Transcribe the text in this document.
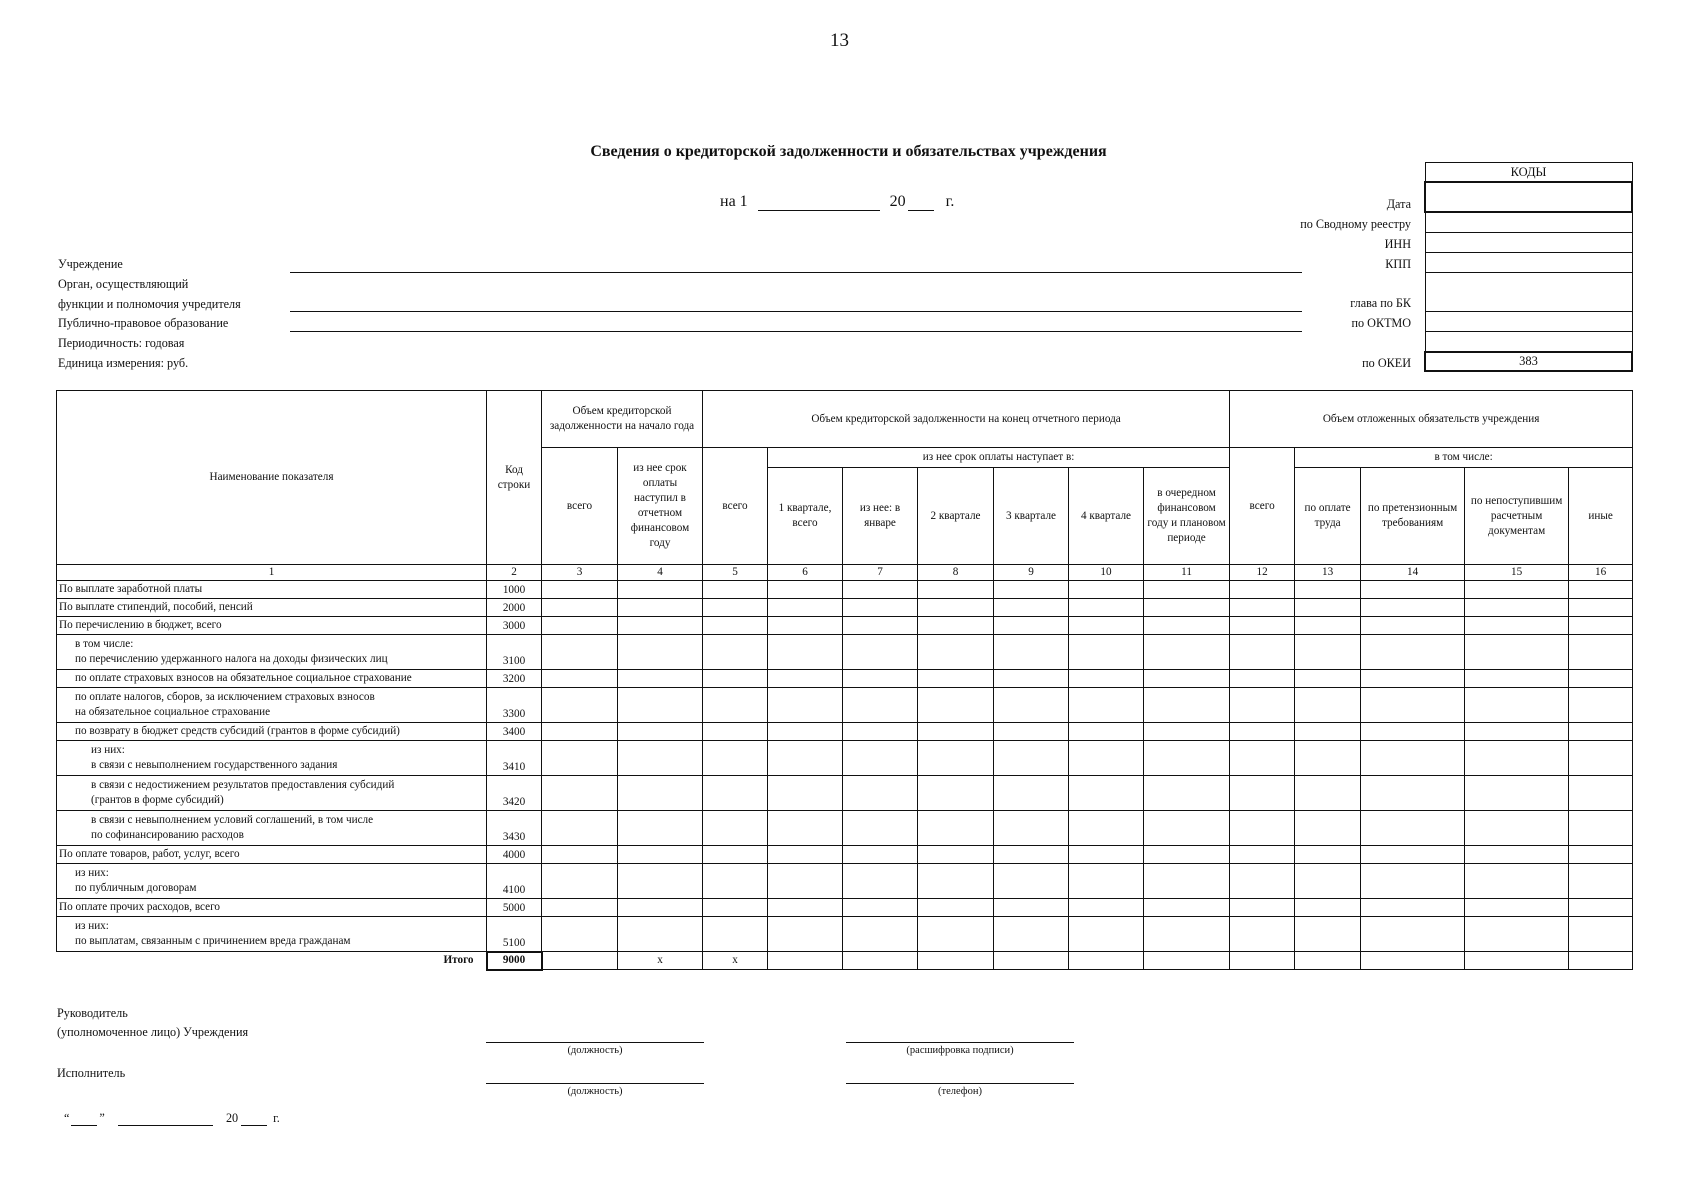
13
Сведения о кредиторской задолженности и обязательствах учреждения
на 1	20	г.
Учреждение
Орган, осуществляющий
функции и полномочия учредителя
Публично-правовое образование
Периодичность: годовая
Единица измерения: руб.
Дата
по Сводному реестру
ИНН
КПП
глава по БК
по ОКТМО
по ОКЕИ
КОДЫ

383
Наименование показателя	Код строки	Объем кредиторской задолженности на начало года		Объем кредиторской задолженности на конец отчетного периода							Объем отложенных обязательств учреждения				
		всего	из нее срок оплаты наступил в отчетном финансовом году	всего	из нее срок оплаты наступает в:						всего	в том числе:			
					1 квартале, всего	из нее: в январе	2 квартале	3 квартале	4 квартале	в очередном финансовом году и плановом периоде		по оплате труда	по претензионным требованиям	по непоступившим расчетным документам	иные
1	2	3	4	5	6	7	8	9	10	11	12	13	14	15	16

По выплате заработной платы	1000														

По выплате стипендий, пособий, пенсий	2000														

По перечислению в бюджет, всего	3000														

в том числе:
по перечислению удержанного налога на доходы физических лиц	3100														

по оплате страховых взносов на обязательное социальное страхование	3200														

по оплате налогов, сборов, за исключением страховых взносов
на обязательное социальное страхование	3300														

по возврату в бюджет средств субсидий (грантов в форме субсидий)	3400														

из них:
в связи с невыполнением государственного задания	3410														

в связи с недостижением результатов предоставления субсидий
(грантов в форме субсидий)	3420														

в связи с невыполнением условий соглашений, в том числе
по софинансированию расходов	3430														

По оплате товаров, работ, услуг, всего	4000														

из них:
по публичным договорам	4100														

По оплате прочих расходов, всего	5000														

из них:
по выплатам, связанным с причинением вреда гражданам	5100														
Итого	9000		x	x											
Руководитель
(уполномоченное лицо) Учреждения
(должность)	(расшифровка подписи)
Исполнитель
(должность)	(телефон)
“ ”	20	г.
